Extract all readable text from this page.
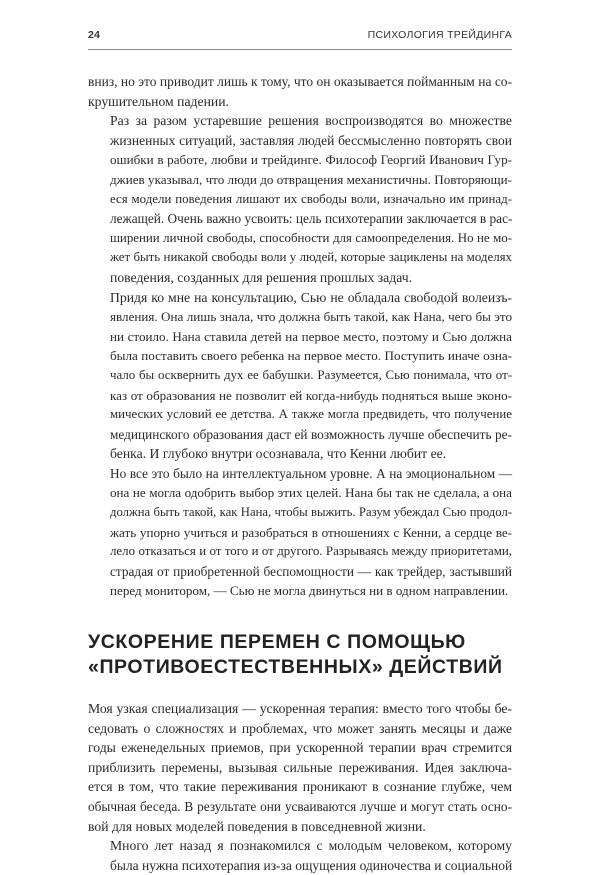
24	ПСИХОЛОГИЯ ТРЕЙДИНГА

вниз, но это приводит лишь к тому, что он оказывается пойманным на со-
крушительном падении.

Раз за разом устаревшие решения воспроизводятся во множестве
жизненных ситуаций, заставляя людей бессмысленно повторять свои
ошибки в работе, любви и трейдинге. Философ Георгий Иванович Гур-
джиев указывал, что люди до отвращения механистичны. Повторяющи-
еся модели поведения лишают их свободы воли, изначально им принад-
лежащей. Очень важно усвоить: цель психотерапии заключается в рас-
ширении личной свободы, способности для самоопределения. Но не мо-
жет быть никакой свободы воли у людей, которые зациклены на моделях
поведения, созданных для решения прошлых задач.

Придя ко мне на консультацию, Сью не обладала свободой волеизъ-
явления. Она лишь знала, что должна быть такой, как Нана, чего бы это
ни стоило. Нана ставила детей на первое место, поэтому и Сью должна
была поставить своего ребенка на первое место. Поступить иначе озна-
чало бы осквернить дух ее бабушки. Разумеется, Сью понимала, что от-
каз от образования не позволит ей когда-нибудь подняться выше эконо-
мических условий ее детства. А также могла предвидеть, что получение
медицинского образования даст ей возможность лучше обеспечить ре-
бенка. И глубоко внутри осознавала, что Кенни любит ее.

Но все это было на интеллектуальном уровне. А на эмоциональном —
она не могла одобрить выбор этих целей. Нана бы так не сделала, а она
должна быть такой, как Нана, чтобы выжить. Разум убеждал Сью продол-
жать упорно учиться и разобраться в отношениях с Кенни, а сердце ве-
лело отказаться и от того и от другого. Разрываясь между приоритетами,
страдая от приобретенной беспомощности — как трейдер, застывший
перед монитором, — Сью не могла двинуться ни в одном направлении.

УСКОРЕНИЕ ПЕРЕМЕН С ПОМОЩЬЮ
«ПРОТИВОЕСТЕСТВЕННЫХ» ДЕЙСТВИЙ

Моя узкая специализация — ускоренная терапия: вместо того чтобы бе-
седовать о сложностях и проблемах, что может занять месяцы и даже
годы еженедельных приемов, при ускоренной терапии врач стремится
приблизить перемены, вызывая сильные переживания. Идея заключа-
ется в том, что такие переживания проникают в сознание глубже, чем
обычная беседа. В результате они усваиваются лучше и могут стать осно-
вой для новых моделей поведения в повседневной жизни.

Много лет назад я познакомился с молодым человеком, которому
была нужна психотерапия из-за ощущения одиночества и социальной
